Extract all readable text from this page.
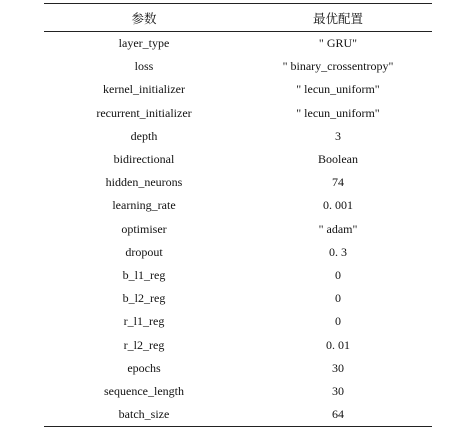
参数	最优配置
layer_type	" GRU"
loss	" binary_crossentropy"
kernel_initializer	" lecun_uniform"
recurrent_initializer	" lecun_uniform"
depth	3
bidirectional	Boolean
hidden_neurons	74
learning_rate	0. 001
optimiser	" adam"
dropout	0. 3
b_l1_reg	0
b_l2_reg	0
r_l1_reg	0
r_l2_reg	0. 01
epochs	30
sequence_length	30
batch_size	64
